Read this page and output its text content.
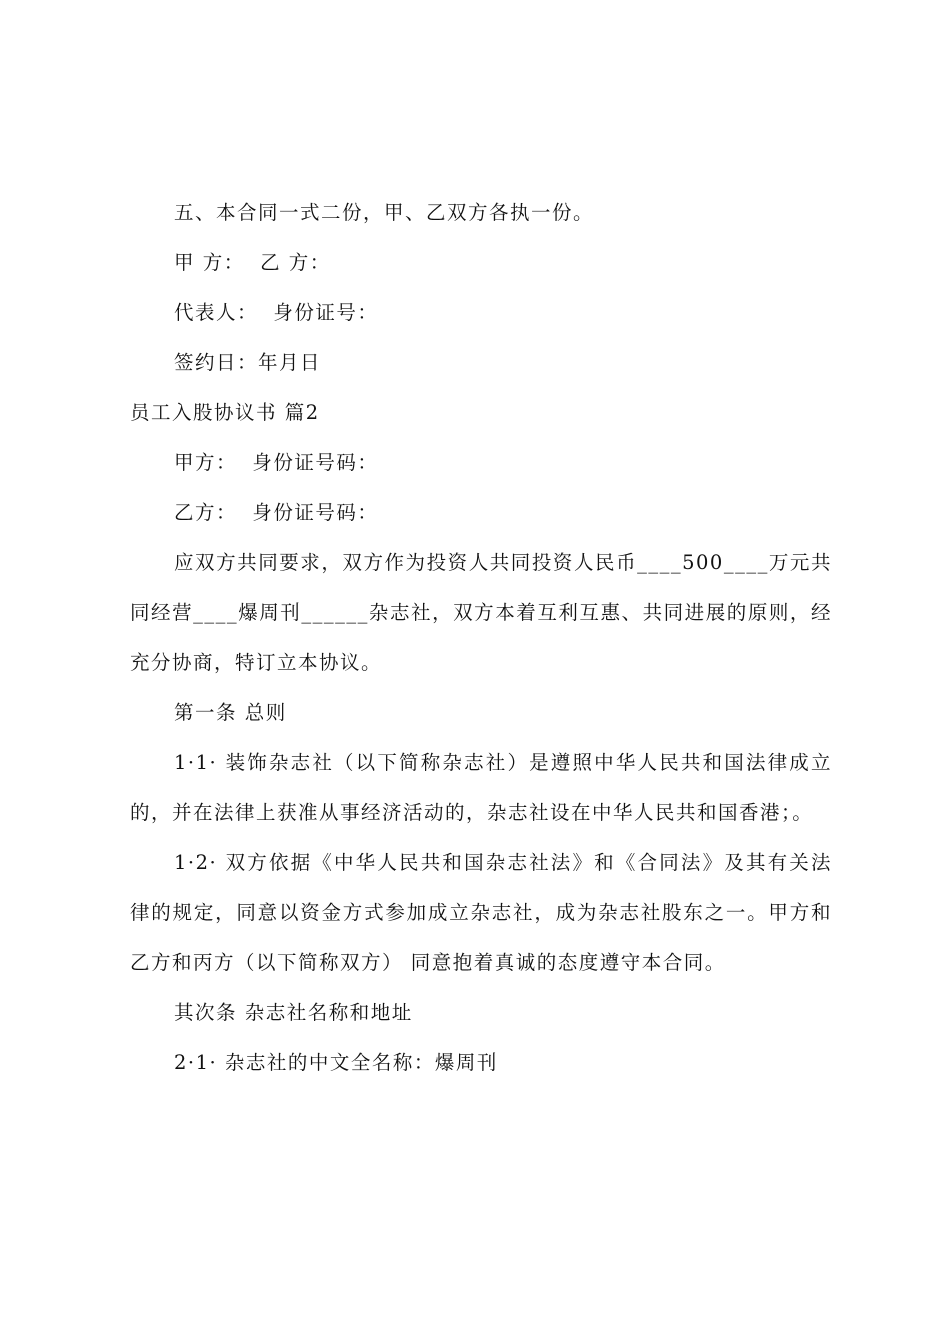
五、本合同一式二份，甲、乙双方各执一份。

甲 方：  乙 方：

代表人：  身份证号：

签约日：年月日

员工入股协议书 篇2

甲方：  身份证号码：

乙方：  身份证号码：

应双方共同要求，双方作为投资人共同投资人民币____500____万元共同经营____爆周刊______杂志社，双方本着互利互惠、共同进展的原则，经充分协商，特订立本协议。

第一条 总则

1·1· 装饰杂志社（以下简称杂志社）是遵照中华人民共和国法律成立的，并在法律上获准从事经济活动的，杂志社设在中华人民共和国香港；。

1·2· 双方依据《中华人民共和国杂志社法》和《合同法》及其有关法律的规定，同意以资金方式参加成立杂志社，成为杂志社股东之一。甲方和乙方和丙方（以下简称双方） 同意抱着真诚的态度遵守本合同。

其次条 杂志社名称和地址

2·1· 杂志社的中文全名称：爆周刊
